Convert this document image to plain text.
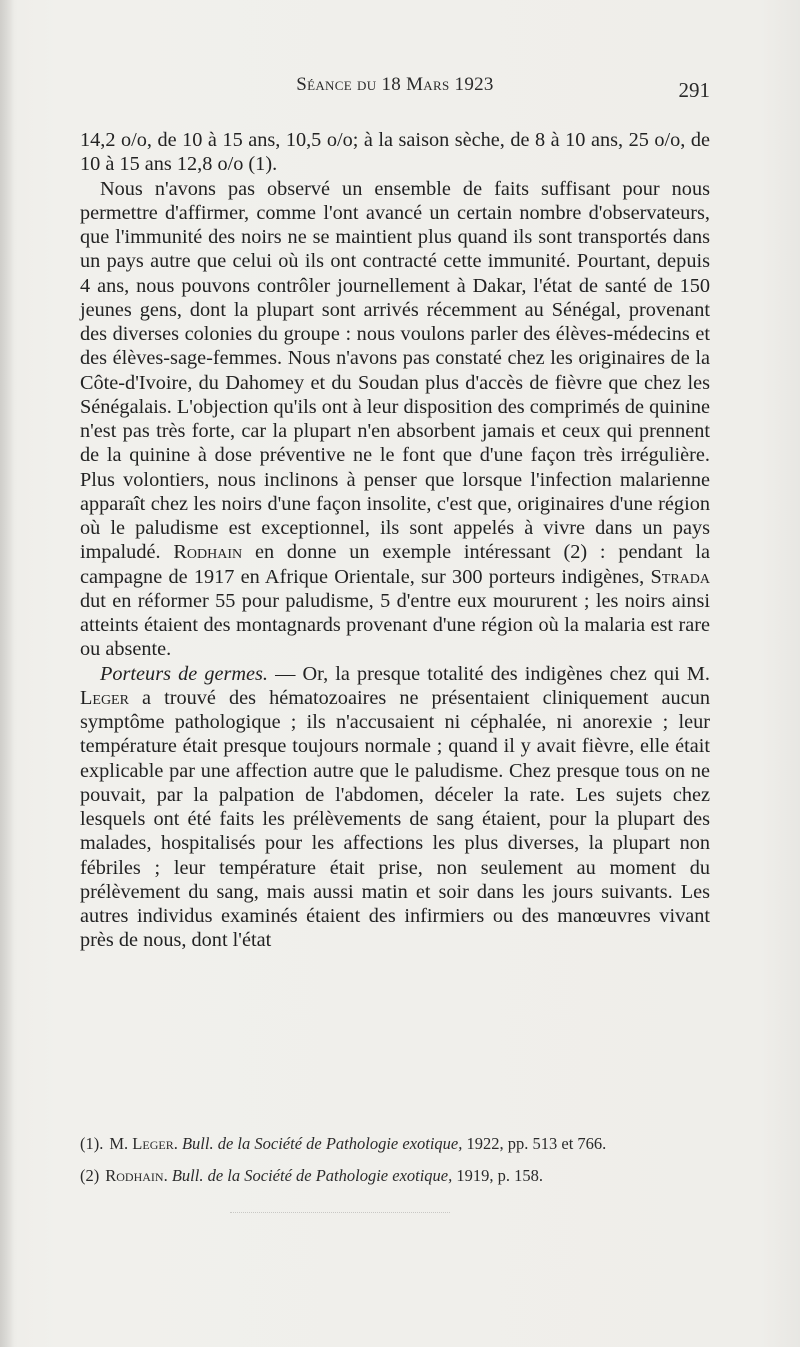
Séance du 18 Mars 1923	291

14,2 o/o, de 10 à 15 ans, 10,5 o/o; à la saison sèche, de 8 à 10 ans, 25 o/o, de 10 à 15 ans 12,8 o/o (1).

Nous n'avons pas observé un ensemble de faits suffisant pour nous permettre d'affirmer, comme l'ont avancé un certain nombre d'observateurs, que l'immunité des noirs ne se maintient plus quand ils sont transportés dans un pays autre que celui où ils ont contracté cette immunité. Pourtant, depuis 4 ans, nous pouvons contrôler journellement à Dakar, l'état de santé de 150 jeunes gens, dont la plupart sont arrivés récemment au Sénégal, provenant des diverses colonies du groupe : nous voulons parler des élèves-médecins et des élèves-sage-femmes. Nous n'avons pas constaté chez les originaires de la Côte-d'Ivoire, du Dahomey et du Soudan plus d'accès de fièvre que chez les Sénégalais. L'objection qu'ils ont à leur disposition des comprimés de quinine n'est pas très forte, car la plupart n'en absorbent jamais et ceux qui prennent de la quinine à dose préventive ne le font que d'une façon très irrégulière. Plus volontiers, nous inclinons à penser que lorsque l'infection malarienne apparaît chez les noirs d'une façon insolite, c'est que, originaires d'une région où le paludisme est exceptionnel, ils sont appelés à vivre dans un pays impaludé. Rodhain en donne un exemple intéressant (2) : pendant la campagne de 1917 en Afrique Orientale, sur 300 porteurs indigènes, Strada dut en réformer 55 pour paludisme, 5 d'entre eux moururent ; les noirs ainsi atteints étaient des montagnards provenant d'une région où la malaria est rare ou absente.

Porteurs de germes. — Or, la presque totalité des indigènes chez qui M. Leger a trouvé des hématozoaires ne présentaient cliniquement aucun symptôme pathologique ; ils n'accusaient ni céphalée, ni anorexie ; leur température était presque toujours normale ; quand il y avait fièvre, elle était explicable par une affection autre que le paludisme. Chez presque tous on ne pouvait, par la palpation de l'abdomen, déceler la rate. Les sujets chez lesquels ont été faits les prélèvements de sang étaient, pour la plupart des malades, hospitalisés pour les affections les plus diverses, la plupart non fébriles ; leur température était prise, non seulement au moment du prélèvement du sang, mais aussi matin et soir dans les jours suivants. Les autres individus examinés étaient des infirmiers ou des manœuvres vivant près de nous, dont l'état

(1). M. Leger. Bull. de la Société de Pathologie exotique, 1922, pp. 513 et 766.

(2) Rodhain. Bull. de la Société de Pathologie exotique, 1919, p. 158.
